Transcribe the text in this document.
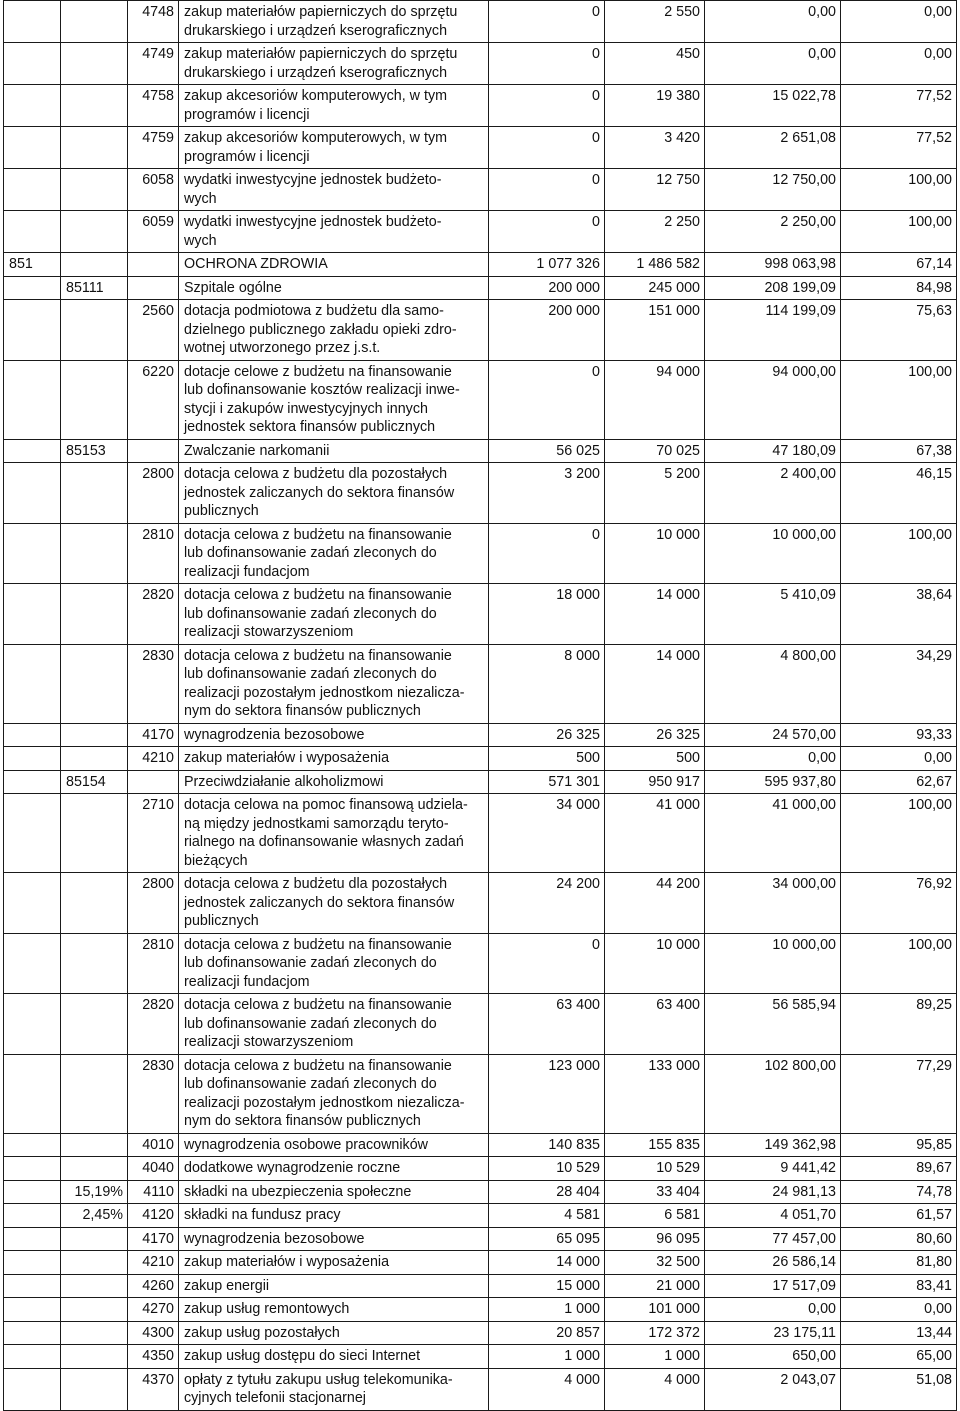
		4748	zakup materiałów papierniczych do sprzętu
drukarskiego i urządzeń kserograficznych	0	2 550	0,00	0,00
		4749	zakup materiałów papierniczych do sprzętu
drukarskiego i urządzeń kserograficznych	0	450	0,00	0,00
		4758	zakup akcesoriów komputerowych, w tym
programów i licencji	0	19 380	15 022,78	77,52
		4759	zakup akcesoriów komputerowych, w tym
programów i licencji	0	3 420	2 651,08	77,52
		6058	wydatki inwestycyjne jednostek budżeto-
wych	0	12 750	12 750,00	100,00
		6059	wydatki inwestycyjne jednostek budżeto-
wych	0	2 250	2 250,00	100,00
851			OCHRONA ZDROWIA	1 077 326	1 486 582	998 063,98	67,14
	85111		Szpitale ogólne	200 000	245 000	208 199,09	84,98
		2560	dotacja podmiotowa z budżetu dla samo-
dzielnego publicznego zakładu opieki zdro-
wotnej utworzonego przez j.s.t.	200 000	151 000	114 199,09	75,63
		6220	dotacje celowe z budżetu na finansowanie
lub dofinansowanie kosztów realizacji inwe-
stycji i zakupów inwestycyjnych innych
jednostek sektora finansów publicznych	0	94 000	94 000,00	100,00
	85153		Zwalczanie narkomanii	56 025	70 025	47 180,09	67,38
		2800	dotacja celowa z budżetu dla pozostałych
jednostek zaliczanych do sektora finansów
publicznych	3 200	5 200	2 400,00	46,15
		2810	dotacja celowa z budżetu na finansowanie
lub dofinansowanie zadań zleconych do
realizacji fundacjom	0	10 000	10 000,00	100,00
		2820	dotacja celowa z budżetu na finansowanie
lub dofinansowanie zadań zleconych do
realizacji stowarzyszeniom	18 000	14 000	5 410,09	38,64
		2830	dotacja celowa z budżetu na finansowanie
lub dofinansowanie zadań zleconych do
realizacji pozostałym jednostkom niezalicza-
nym do sektora finansów publicznych	8 000	14 000	4 800,00	34,29
		4170	wynagrodzenia bezosobowe	26 325	26 325	24 570,00	93,33
		4210	zakup materiałów i wyposażenia	500	500	0,00	0,00
	85154		Przeciwdziałanie alkoholizmowi	571 301	950 917	595 937,80	62,67
		2710	dotacja celowa na pomoc finansową udziela-
ną między jednostkami samorządu teryto-
rialnego na dofinansowanie własnych zadań
bieżących	34 000	41 000	41 000,00	100,00
		2800	dotacja celowa z budżetu dla pozostałych
jednostek zaliczanych do sektora finansów
publicznych	24 200	44 200	34 000,00	76,92
		2810	dotacja celowa z budżetu na finansowanie
lub dofinansowanie zadań zleconych do
realizacji fundacjom	0	10 000	10 000,00	100,00
		2820	dotacja celowa z budżetu na finansowanie
lub dofinansowanie zadań zleconych do
realizacji stowarzyszeniom	63 400	63 400	56 585,94	89,25
		2830	dotacja celowa z budżetu na finansowanie
lub dofinansowanie zadań zleconych do
realizacji pozostałym jednostkom niezalicza-
nym do sektora finansów publicznych	123 000	133 000	102 800,00	77,29
		4010	wynagrodzenia osobowe pracowników	140 835	155 835	149 362,98	95,85
		4040	dodatkowe wynagrodzenie roczne	10 529	10 529	9 441,42	89,67
	15,19%	4110	składki na ubezpieczenia społeczne	28 404	33 404	24 981,13	74,78
	2,45%	4120	składki na fundusz pracy	4 581	6 581	4 051,70	61,57
		4170	wynagrodzenia bezosobowe	65 095	96 095	77 457,00	80,60
		4210	zakup materiałów i wyposażenia	14 000	32 500	26 586,14	81,80
		4260	zakup energii	15 000	21 000	17 517,09	83,41
		4270	zakup usług remontowych	1 000	101 000	0,00	0,00
		4300	zakup usług pozostałych	20 857	172 372	23 175,11	13,44
		4350	zakup usług dostępu do sieci Internet	1 000	1 000	650,00	65,00
		4370	opłaty z tytułu zakupu usług telekomunika-
cyjnych telefonii stacjonarnej	4 000	4 000	2 043,07	51,08
